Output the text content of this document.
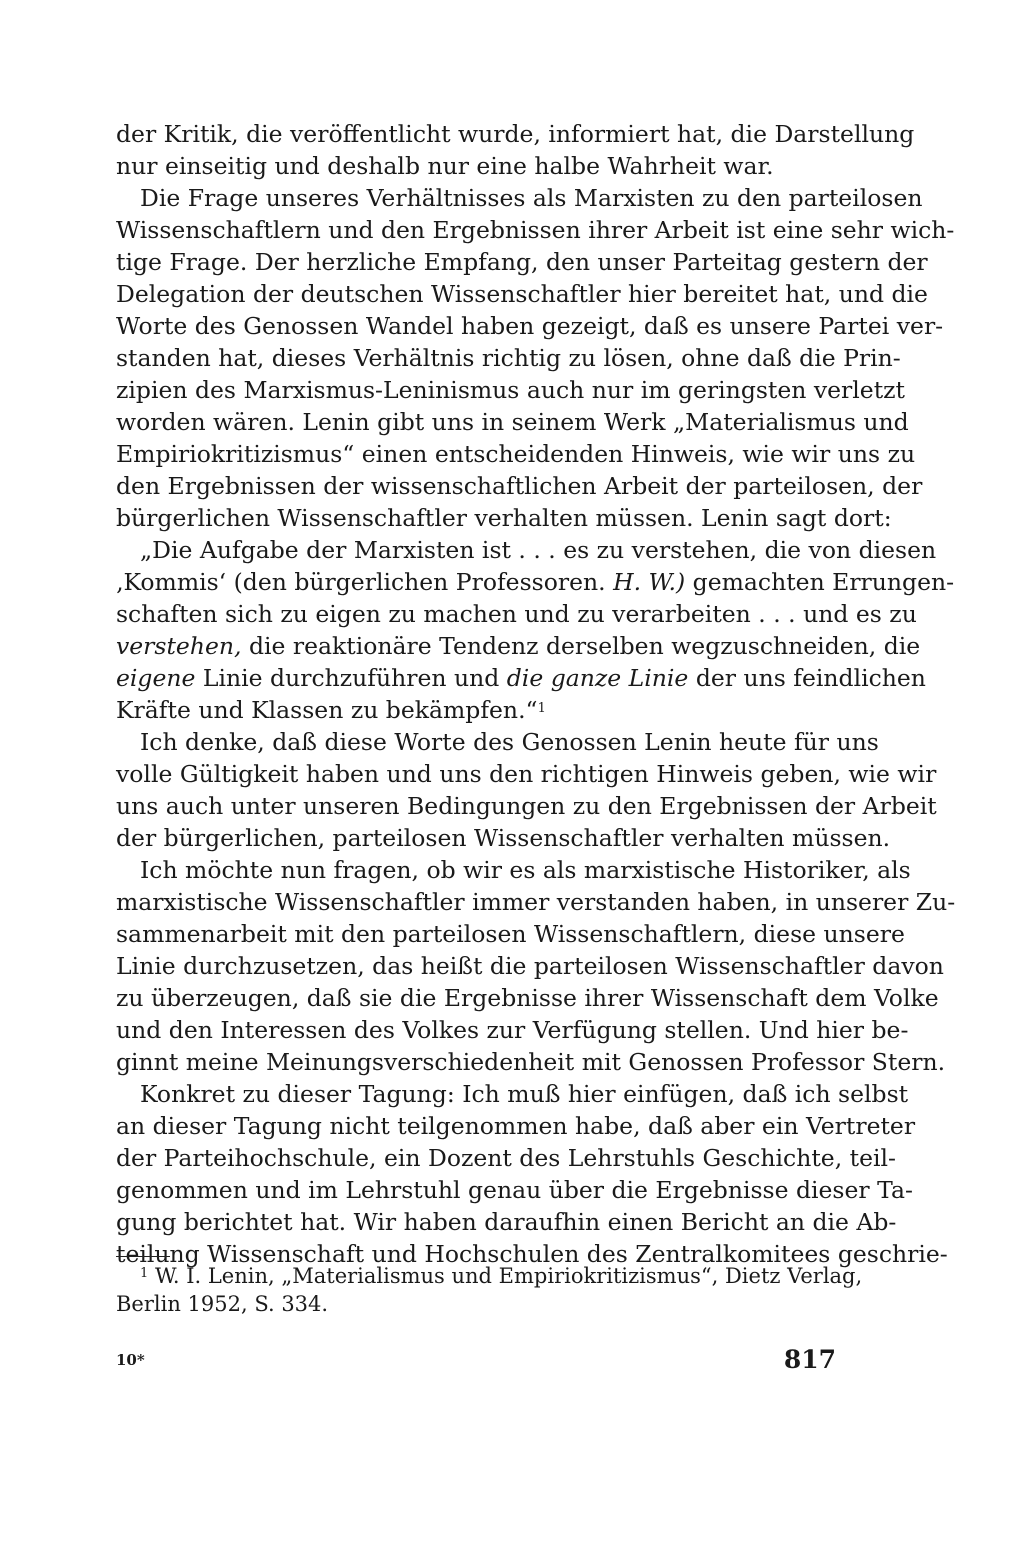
der Kritik, die veröffentlicht wurde, informiert hat, die Darstellung
nur einseitig und deshalb nur eine halbe Wahrheit war.
Die Frage unseres Verhältnisses als Marxisten zu den parteilosen
Wissenschaftlern und den Ergebnissen ihrer Arbeit ist eine sehr wich-
tige Frage. Der herzliche Empfang, den unser Parteitag gestern der
Delegation der deutschen Wissenschaftler hier bereitet hat, und die
Worte des Genossen Wandel haben gezeigt, daß es unsere Partei ver-
standen hat, dieses Verhältnis richtig zu lösen, ohne daß die Prin-
zipien des Marxismus-Leninismus auch nur im geringsten verletzt
worden wären. Lenin gibt uns in seinem Werk „Materialismus und
Empiriokritizismus“ einen entscheidenden Hinweis, wie wir uns zu
den Ergebnissen der wissenschaftlichen Arbeit der parteilosen, der
bürgerlichen Wissenschaftler verhalten müssen. Lenin sagt dort:
„Die Aufgabe der Marxisten ist . . . es zu verstehen, die von diesen
‚Kommis‘ (den bürgerlichen Professoren. H. W.) gemachten Errungen-
schaften sich zu eigen zu machen und zu verarbeiten . . . und es zu
verstehen, die reaktionäre Tendenz derselben wegzuschneiden, die
eigene Linie durchzuführen und die ganze Linie der uns feindlichen
Kräfte und Klassen zu bekämpfen.“$^1$
Ich denke, daß diese Worte des Genossen Lenin heute für uns
volle Gültigkeit haben und uns den richtigen Hinweis geben, wie wir
uns auch unter unseren Bedingungen zu den Ergebnissen der Arbeit
der bürgerlichen, parteilosen Wissenschaftler verhalten müssen.
Ich möchte nun fragen, ob wir es als marxistische Historiker, als
marxistische Wissenschaftler immer verstanden haben, in unserer Zu-
sammenarbeit mit den parteilosen Wissenschaftlern, diese unsere
Linie durchzusetzen, das heißt die parteilosen Wissenschaftler davon
zu überzeugen, daß sie die Ergebnisse ihrer Wissenschaft dem Volke
und den Interessen des Volkes zur Verfügung stellen. Und hier be-
ginnt meine Meinungsverschiedenheit mit Genossen Professor Stern.
Konkret zu dieser Tagung: Ich muß hier einfügen, daß ich selbst
an dieser Tagung nicht teilgenommen habe, daß aber ein Vertreter
der Parteihochschule, ein Dozent des Lehrstuhls Geschichte, teil-
genommen und im Lehrstuhl genau über die Ergebnisse dieser Ta-
gung berichtet hat. Wir haben daraufhin einen Bericht an die Ab-
teilung Wissenschaft und Hochschulen des Zentralkomitees geschrie-
$^1$ W. I. Lenin, „Materialismus und Empiriokritizismus“, Dietz Verlag,
Berlin 1952, S. 334.
10*	817
